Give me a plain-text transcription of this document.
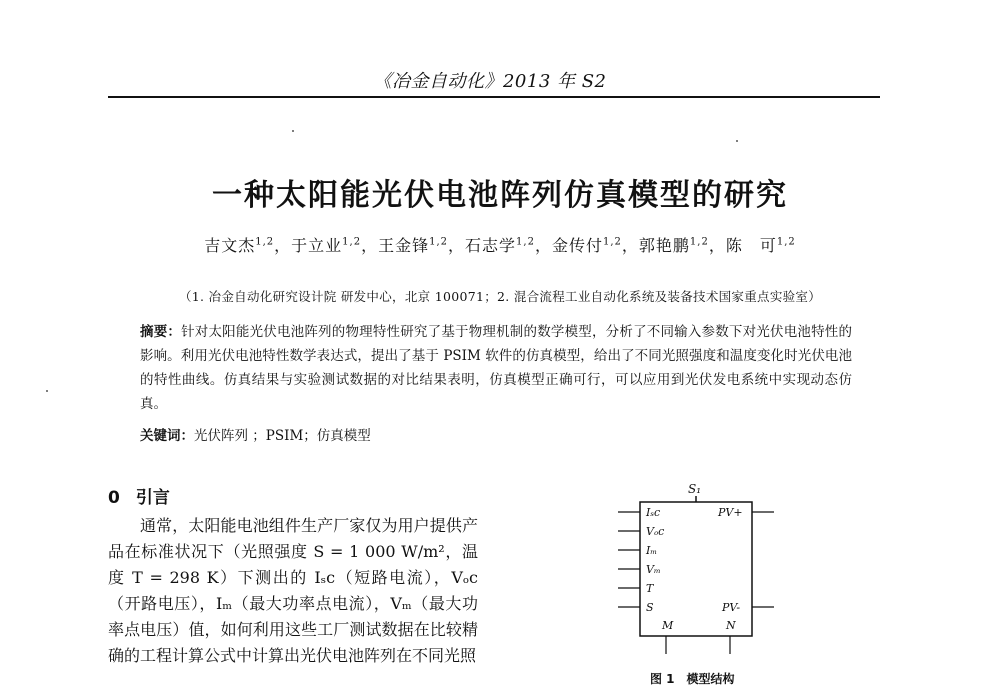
《冶金自动化》2013 年 S2
一种太阳能光伏电池阵列仿真模型的研究
吉文杰$^{1,2}$，于立业$^{1,2}$，王金锋$^{1,2}$，石志学$^{1,2}$，金传付$^{1,2}$，郭艳鹏$^{1,2}$，陈　可$^{1,2}$
（1. 冶金自动化研究设计院 研发中心，北京 100071；2. 混合流程工业自动化系统及装备技术国家重点实验室）
摘要：针对太阳能光伏电池阵列的物理特性研究了基于物理机制的数学模型，分析了不同输入参数下对光伏电池特性的影响。利用光伏电池特性数学表达式，提出了基于 PSIM 软件的仿真模型，给出了不同光照强度和温度变化时光伏电池的特性曲线。仿真结果与实验测试数据的对比结果表明，仿真模型正确可行，可以应用到光伏发电系统中实现动态仿真。
关键词：光伏阵列 ；PSIM；仿真模型
0 引言
通常，太阳能电池组件生产厂家仅为用户提供产品在标准状况下（光照强度 S = 1 000 W/m²，温度 T = 298 K）下测出的 Iₛc（短路电流），Vₒc（开路电压），Iₘ（最大功率点电流），Vₘ（最大功率点电压）值，如何利用这些工厂测试数据在比较精确的工程计算公式中计算出光伏电池阵列在不同光照
S₁
Iₛc
Vₒc
Iₘ
Vₘ
T
S
PV+
PV-
M	N
图 1　模型结构
